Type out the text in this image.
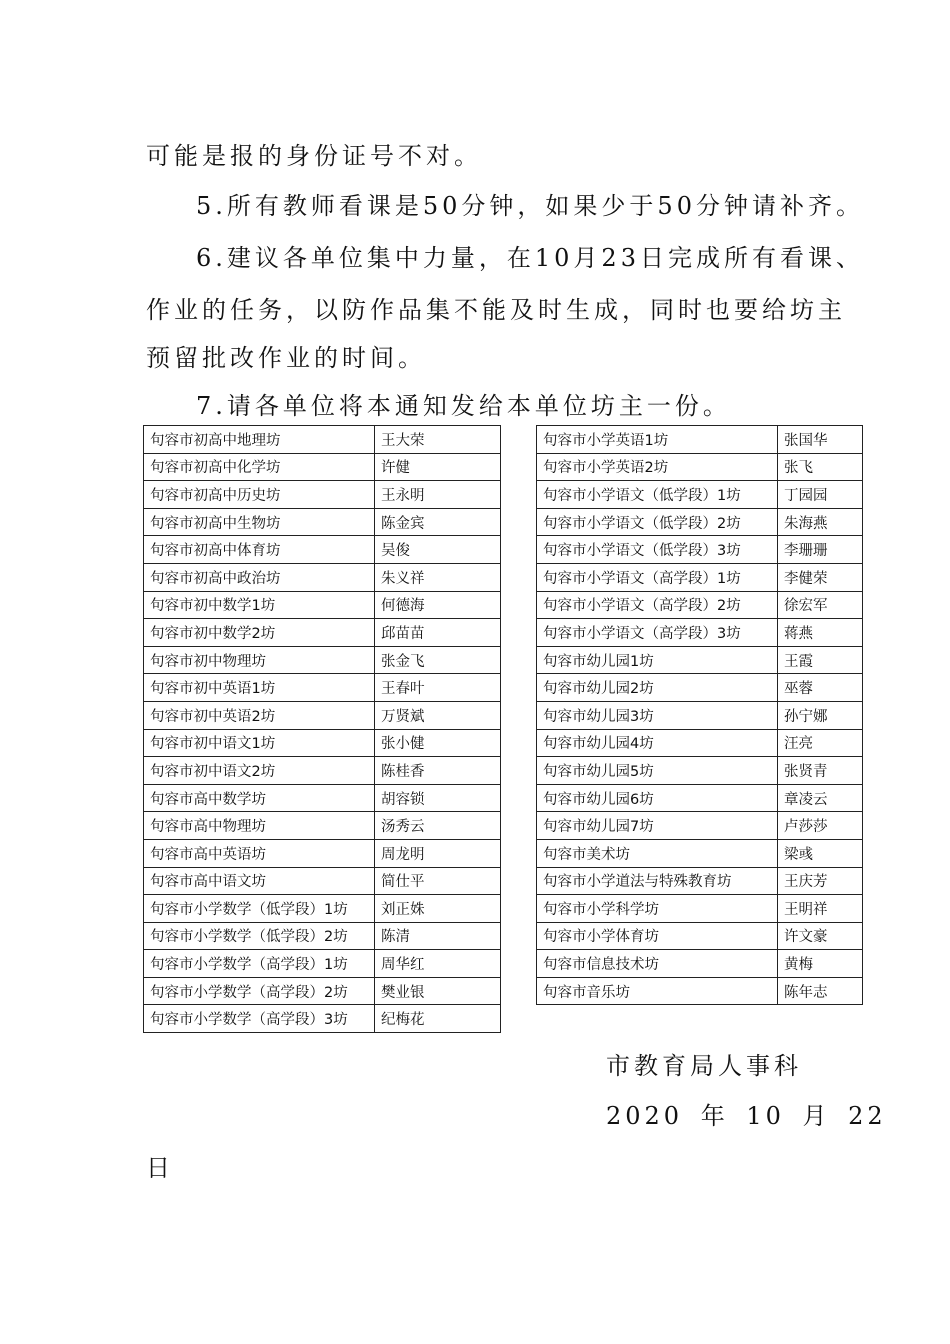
可能是报的身份证号不对。
5.所有教师看课是50分钟，如果少于50分钟请补齐。
6.建议各单位集中力量，在10月23日完成所有看课、
作业的任务，以防作品集不能及时生成，同时也要给坊主
预留批改作业的时间。
7.请各单位将本通知发给本单位坊主一份。
句容市初高中地理坊	王大荣
句容市初高中化学坊	许健
句容市初高中历史坊	王永明
句容市初高中生物坊	陈金宾
句容市初高中体育坊	吴俊
句容市初高中政治坊	朱义祥
句容市初中数学1坊	何德海
句容市初中数学2坊	邱苗苗
句容市初中物理坊	张金飞
句容市初中英语1坊	王春叶
句容市初中英语2坊	万贤斌
句容市初中语文1坊	张小健
句容市初中语文2坊	陈桂香
句容市高中数学坊	胡容锁
句容市高中物理坊	汤秀云
句容市高中英语坊	周龙明
句容市高中语文坊	简仕平
句容市小学数学（低学段）1坊	刘正姝
句容市小学数学（低学段）2坊	陈清
句容市小学数学（高学段）1坊	周华红
句容市小学数学（高学段）2坊	樊业银
句容市小学数学（高学段）3坊	纪梅花
句容市小学英语1坊	张国华
句容市小学英语2坊	张飞
句容市小学语文（低学段）1坊	丁园园
句容市小学语文（低学段）2坊	朱海燕
句容市小学语文（低学段）3坊	李珊珊
句容市小学语文（高学段）1坊	李健荣
句容市小学语文（高学段）2坊	徐宏军
句容市小学语文（高学段）3坊	蒋燕
句容市幼儿园1坊	王霞
句容市幼儿园2坊	巫蓉
句容市幼儿园3坊	孙宁娜
句容市幼儿园4坊	汪亮
句容市幼儿园5坊	张贤青
句容市幼儿园6坊	章凌云
句容市幼儿园7坊	卢莎莎
句容市美术坊	梁彧
句容市小学道法与特殊教育坊	王庆芳
句容市小学科学坊	王明祥
句容市小学体育坊	许文豪
句容市信息技术坊	黄梅
句容市音乐坊	陈年志
市教育局人事科
2020 年 10 月 22
日
